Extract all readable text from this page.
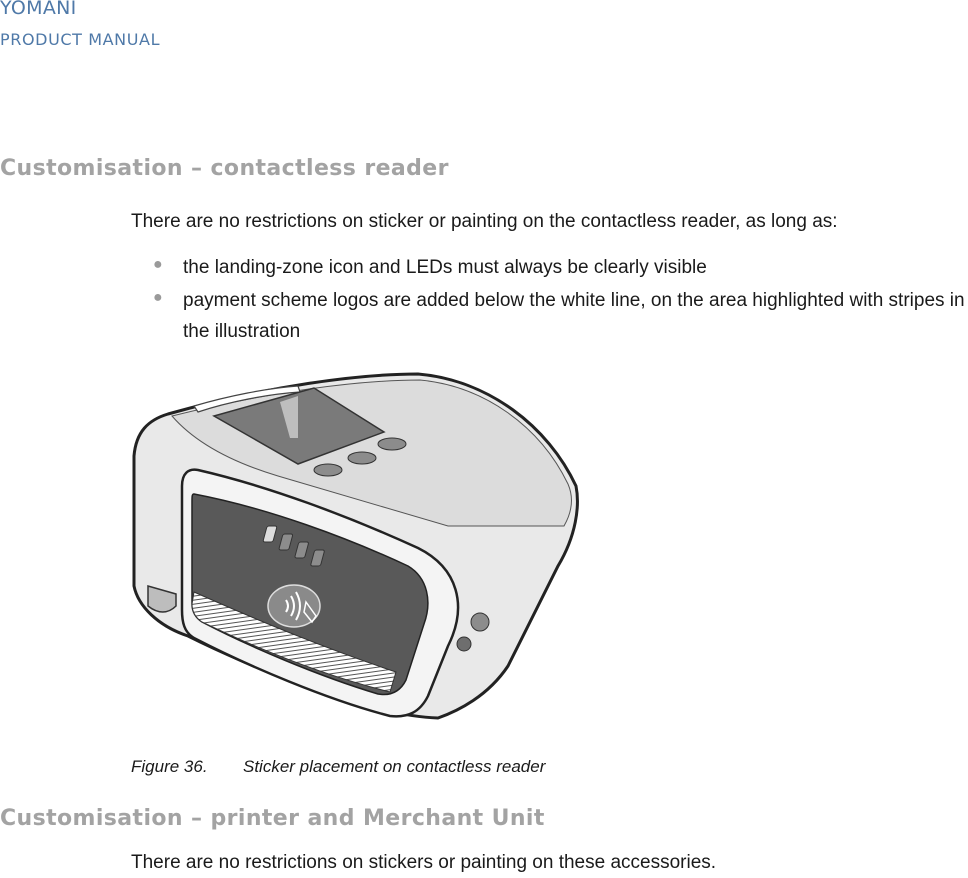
YOMANI
PRODUCT MANUAL
Customisation – contactless reader
There are no restrictions on sticker or painting on the contactless reader, as long as:
● the landing-zone icon and LEDs must always be clearly visible
● payment scheme logos are added below the white line, on the area highlighted with stripes in the illustration
Figure 36. Sticker placement on contactless reader
Customisation – printer and Merchant Unit
There are no restrictions on stickers or painting on these accessories.
